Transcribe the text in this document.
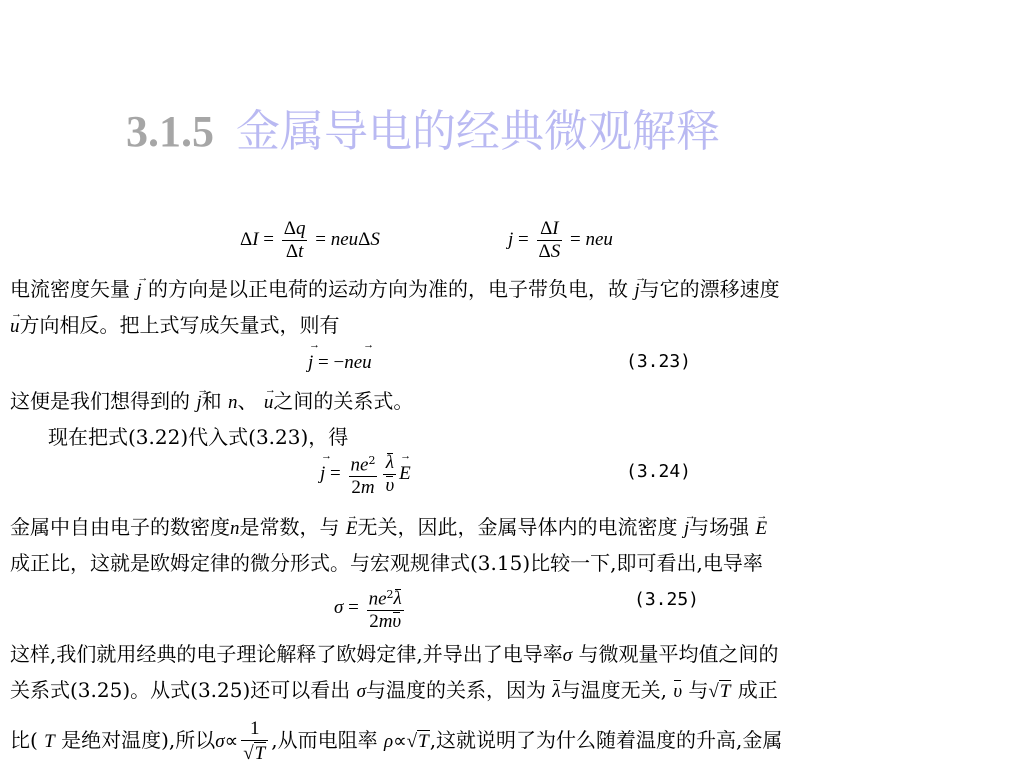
3.1.5 金属导电的经典微观解释
$\Delta I = \frac{\Delta q}{\Delta t} = neu\Delta S$	$j = \frac{\Delta I}{\Delta S}$ = neu
电流密度矢量 → j 的方向是以正电荷的运动方向为准的，电子带负电，故 → j与它的漂移速度
→ u方向相反。把上式写成矢量式，则有
→ j = −ne→ u	(3.23)
这便是我们想得到的 → j和 n、 → u之间的关系式。
现在把式(3.22)代入式(3.23)，得
→ $j = \frac{ne^2}{2m} \frac{\lambda}{\upsilon}$
→ E	(3.24)
金属中自由电子的数密度n是常数，与 → E无关，因此，金属导体内的电流密度 → j与场强 → E
成正比，这就是欧姆定律的微分形式。与宏观规律式(3.15)比较一下,即可看出,电导率
$\sigma = \frac{ne^2\lambda}{2m\upsilon}$	(3.25)
这样,我们就用经典的电子理论解释了欧姆定律,并导出了电导率σ 与微观量平均值之间的
关系式(3.25)。从式(3.25)还可以看出 σ与温度的关系，因为 λ与温度无关, υ 与√T 成正
比( T 是绝对温度),所以$\sigma\propto \frac{1}{√T}$ ,从而电阻率 ρ∝√T,这就说明了为什么随着温度的升高,金属
